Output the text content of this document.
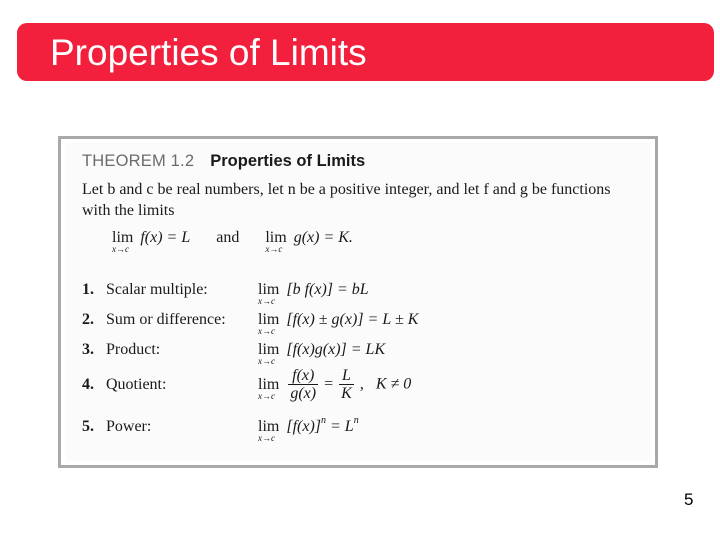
Properties of Limits
THEOREM 1.2 Properties of Limits
Let b and c be real numbers, let n be a positive integer, and let f and g be functions with the limits
lim
x→c
f(x) = L and lim
x→c
g(x) = K.
1. Scalar multiple:	lim
x→c
[b f(x)] = bL
2. Sum or difference: lim
x→c
[f(x) ± g(x)] = L ± K
3. Product:	lim
x→c
[f(x)g(x)] = LK
4. Quotient:	lim
x→c
$\frac{f(x)}{g(x)} = \frac{L}{K}$ ,   K ≠ 0
5. Power:	lim
x→c
$[f(x)]^n = L^n$
5
